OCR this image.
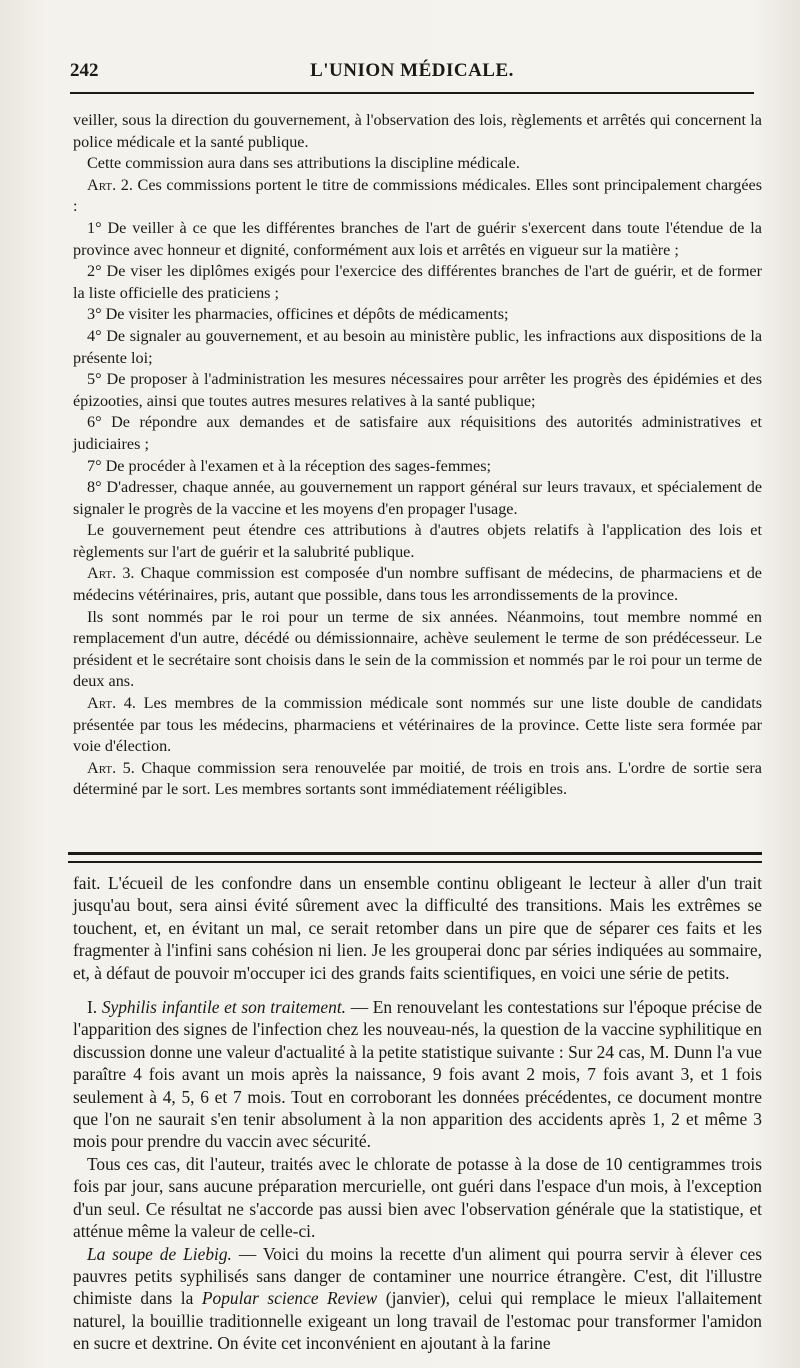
242	L'UNION MÉDICALE.

veiller, sous la direction du gouvernement, à l'observation des lois, règlements et arrêtés qui concernent la police médicale et la santé publique.

Cette commission aura dans ses attributions la discipline médicale.

Art. 2. Ces commissions portent le titre de commissions médicales. Elles sont principalement chargées :

1° De veiller à ce que les différentes branches de l'art de guérir s'exercent dans toute l'étendue de la province avec honneur et dignité, conformément aux lois et arrêtés en vigueur sur la matière ;

2° De viser les diplômes exigés pour l'exercice des différentes branches de l'art de guérir, et de former la liste officielle des praticiens ;

3° De visiter les pharmacies, officines et dépôts de médicaments;

4° De signaler au gouvernement, et au besoin au ministère public, les infractions aux dispositions de la présente loi;

5° De proposer à l'administration les mesures nécessaires pour arrêter les progrès des épidémies et des épizooties, ainsi que toutes autres mesures relatives à la santé publique;

6° De répondre aux demandes et de satisfaire aux réquisitions des autorités administratives et judiciaires ;

7° De procéder à l'examen et à la réception des sages-femmes;

8° D'adresser, chaque année, au gouvernement un rapport général sur leurs travaux, et spécialement de signaler le progrès de la vaccine et les moyens d'en propager l'usage.

Le gouvernement peut étendre ces attributions à d'autres objets relatifs à l'application des lois et règlements sur l'art de guérir et la salubrité publique.

Art. 3. Chaque commission est composée d'un nombre suffisant de médecins, de pharmaciens et de médecins vétérinaires, pris, autant que possible, dans tous les arrondissements de la province.

Ils sont nommés par le roi pour un terme de six années. Néanmoins, tout membre nommé en remplacement d'un autre, décédé ou démissionnaire, achève seulement le terme de son prédécesseur. Le président et le secrétaire sont choisis dans le sein de la commission et nommés par le roi pour un terme de deux ans.

Art. 4. Les membres de la commission médicale sont nommés sur une liste double de candidats présentée par tous les médecins, pharmaciens et vétérinaires de la province. Cette liste sera formée par voie d'élection.

Art. 5. Chaque commission sera renouvelée par moitié, de trois en trois ans. L'ordre de sortie sera déterminé par le sort. Les membres sortants sont immédiatement rééligibles.

fait. L'écueil de les confondre dans un ensemble continu obligeant le lecteur à aller d'un trait jusqu'au bout, sera ainsi évité sûrement avec la difficulté des transitions. Mais les extrêmes se touchent, et, en évitant un mal, ce serait retomber dans un pire que de séparer ces faits et les fragmenter à l'infini sans cohésion ni lien. Je les grouperai donc par séries indiquées au sommaire, et, à défaut de pouvoir m'occuper ici des grands faits scientifiques, en voici une série de petits.

I. Syphilis infantile et son traitement. — En renouvelant les contestations sur l'époque précise de l'apparition des signes de l'infection chez les nouveau-nés, la question de la vaccine syphilitique en discussion donne une valeur d'actualité à la petite statistique suivante : Sur 24 cas, M. Dunn l'a vue paraître 4 fois avant un mois après la naissance, 9 fois avant 2 mois, 7 fois avant 3, et 1 fois seulement à 4, 5, 6 et 7 mois. Tout en corroborant les données précédentes, ce document montre que l'on ne saurait s'en tenir absolument à la non apparition des accidents après 1, 2 et même 3 mois pour prendre du vaccin avec sécurité.

Tous ces cas, dit l'auteur, traités avec le chlorate de potasse à la dose de 10 centigrammes trois fois par jour, sans aucune préparation mercurielle, ont guéri dans l'espace d'un mois, à l'exception d'un seul. Ce résultat ne s'accorde pas aussi bien avec l'observation générale que la statistique, et atténue même la valeur de celle-ci.

La soupe de Liebig. — Voici du moins la recette d'un aliment qui pourra servir à élever ces pauvres petits syphilisés sans danger de contaminer une nourrice étrangère. C'est, dit l'illustre chimiste dans la Popular science Review (janvier), celui qui remplace le mieux l'allaitement naturel, la bouillie traditionnelle exigeant un long travail de l'estomac pour transformer l'amidon en sucre et dextrine. On évite cet inconvénient en ajoutant à la farine
